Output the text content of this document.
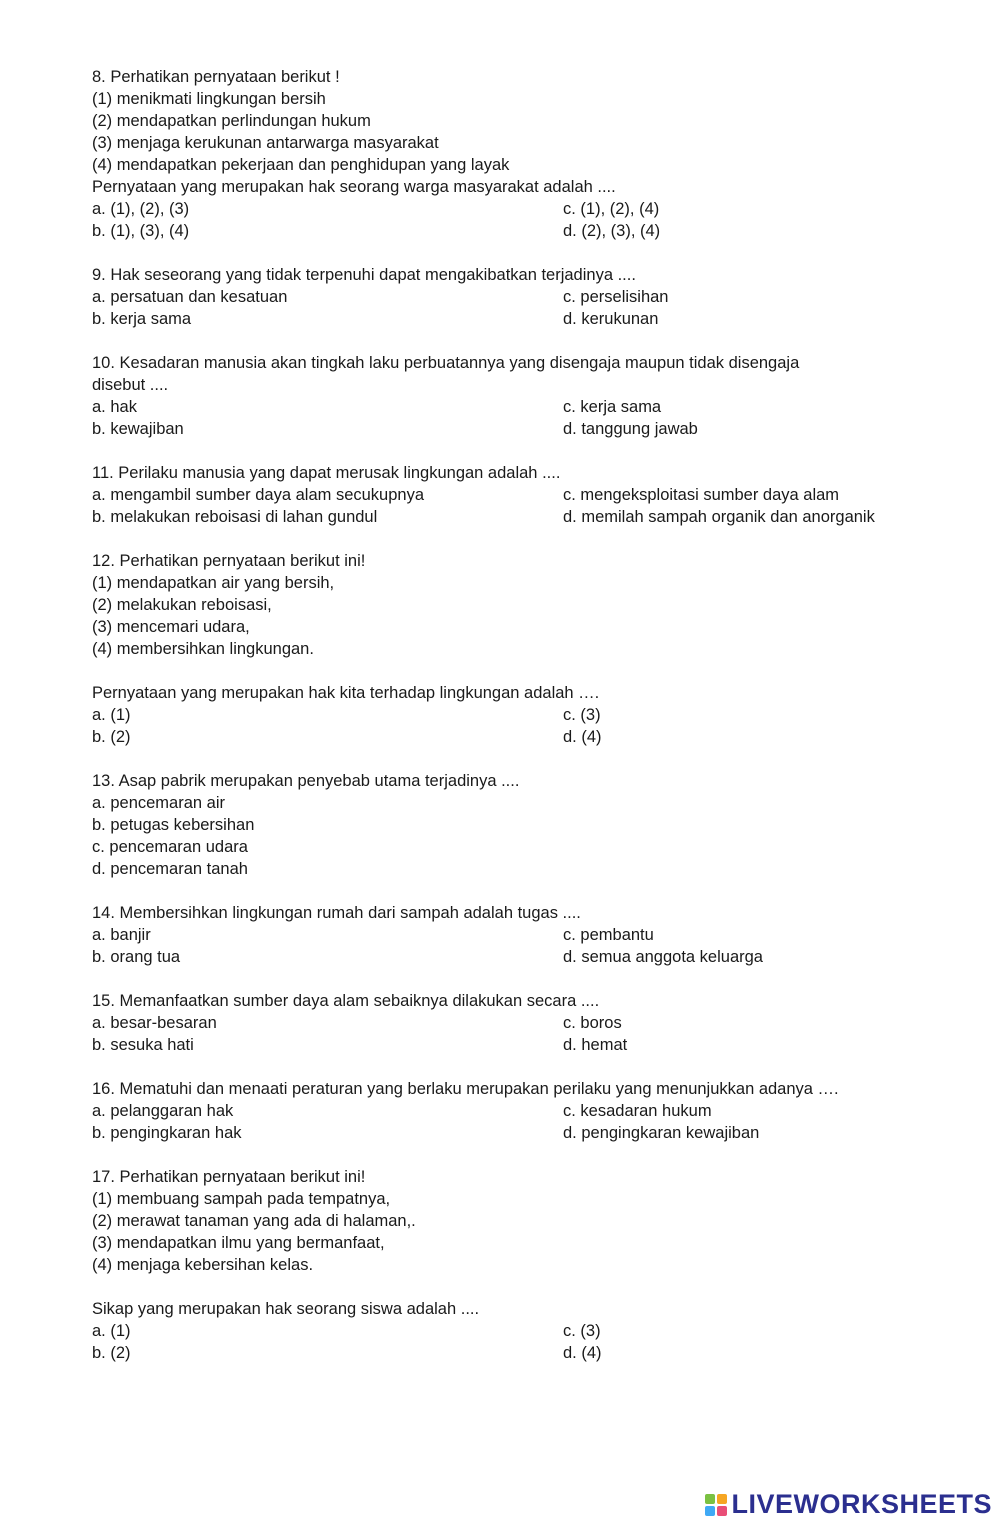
8. Perhatikan pernyataan berikut !
(1) menikmati lingkungan bersih
(2) mendapatkan perlindungan hukum
(3) menjaga kerukunan antarwarga masyarakat
(4) mendapatkan pekerjaan dan penghidupan yang layak
Pernyataan yang merupakan hak seorang warga masyarakat adalah ....
a. (1), (2), (3)	c. (1), (2), (4)
b. (1), (3), (4)	d. (2), (3), (4)
9. Hak seseorang yang tidak terpenuhi dapat mengakibatkan terjadinya ....
a. persatuan dan kesatuan	c. perselisihan
b. kerja sama	d. kerukunan
10. Kesadaran manusia akan tingkah laku perbuatannya yang disengaja maupun tidak disengaja
disebut ....
a. hak	c. kerja sama
b. kewajiban	d. tanggung jawab
11. Perilaku manusia yang dapat merusak lingkungan adalah ....
a. mengambil sumber daya alam secukupnya	c. mengeksploitasi sumber daya alam
b. melakukan reboisasi di lahan gundul	d. memilah sampah organik dan anorganik
12. Perhatikan pernyataan berikut ini!
(1) mendapatkan air yang bersih,
(2) melakukan reboisasi,
(3) mencemari udara,
(4) membersihkan lingkungan.
Pernyataan yang merupakan hak kita terhadap lingkungan adalah ….
a. (1)	c. (3)
b. (2)	d. (4)
13. Asap pabrik merupakan penyebab utama terjadinya ....
a. pencemaran air
b. petugas kebersihan
c. pencemaran udara
d. pencemaran tanah
14. Membersihkan lingkungan rumah dari sampah adalah tugas ....
a. banjir	c. pembantu
b. orang tua	d. semua anggota keluarga
15. Memanfaatkan sumber daya alam sebaiknya dilakukan secara ....
a. besar-besaran	c. boros
b. sesuka hati	d. hemat
16. Mematuhi dan menaati peraturan yang berlaku merupakan perilaku yang menunjukkan adanya ….
a. pelanggaran hak	c. kesadaran hukum
b. pengingkaran hak	d. pengingkaran kewajiban
17. Perhatikan pernyataan berikut ini!
(1) membuang sampah pada tempatnya,
(2) merawat tanaman yang ada di halaman,.
(3) mendapatkan ilmu yang bermanfaat,
(4) menjaga kebersihan kelas.
Sikap yang merupakan hak seorang siswa adalah ....
a. (1)	c. (3)
b. (2)	d. (4)
LIVEWORKSHEETS
